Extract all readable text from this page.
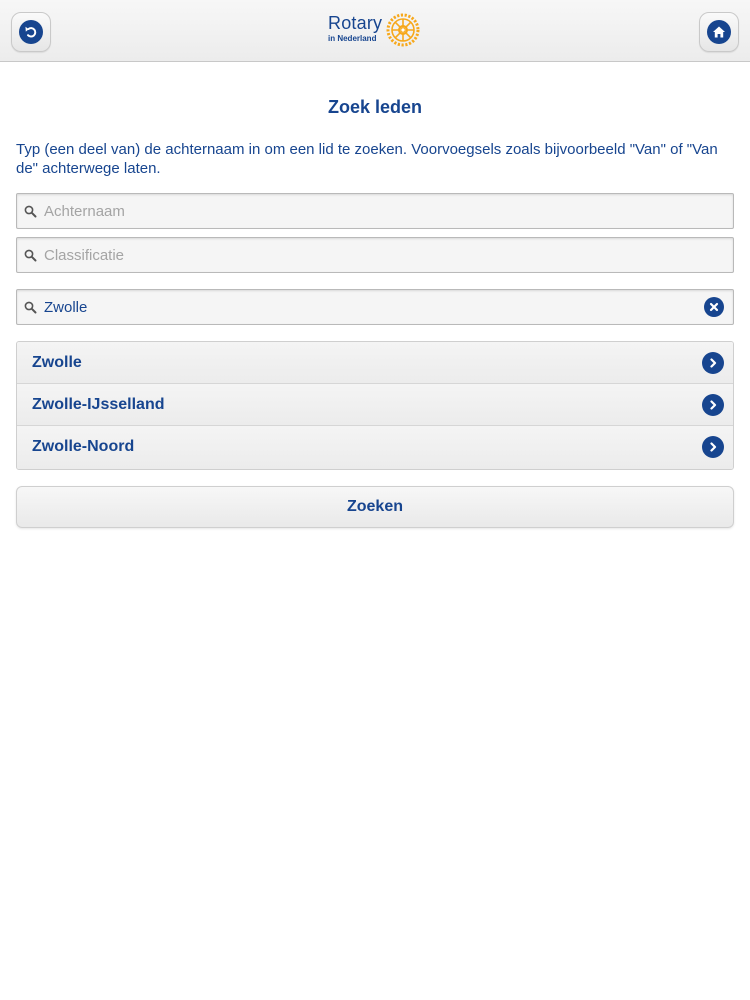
Rotary
in Nederland
Zoek leden

Typ (een deel van) de achternaam in om een lid te zoeken. Voorvoegsels zoals bijvoorbeeld "Van" of "Van de" achterwege laten.

Achternaam
Classificatie
Zwolle
Zwolle
Zwolle-IJsselland
Zwolle-Noord
Zoeken
